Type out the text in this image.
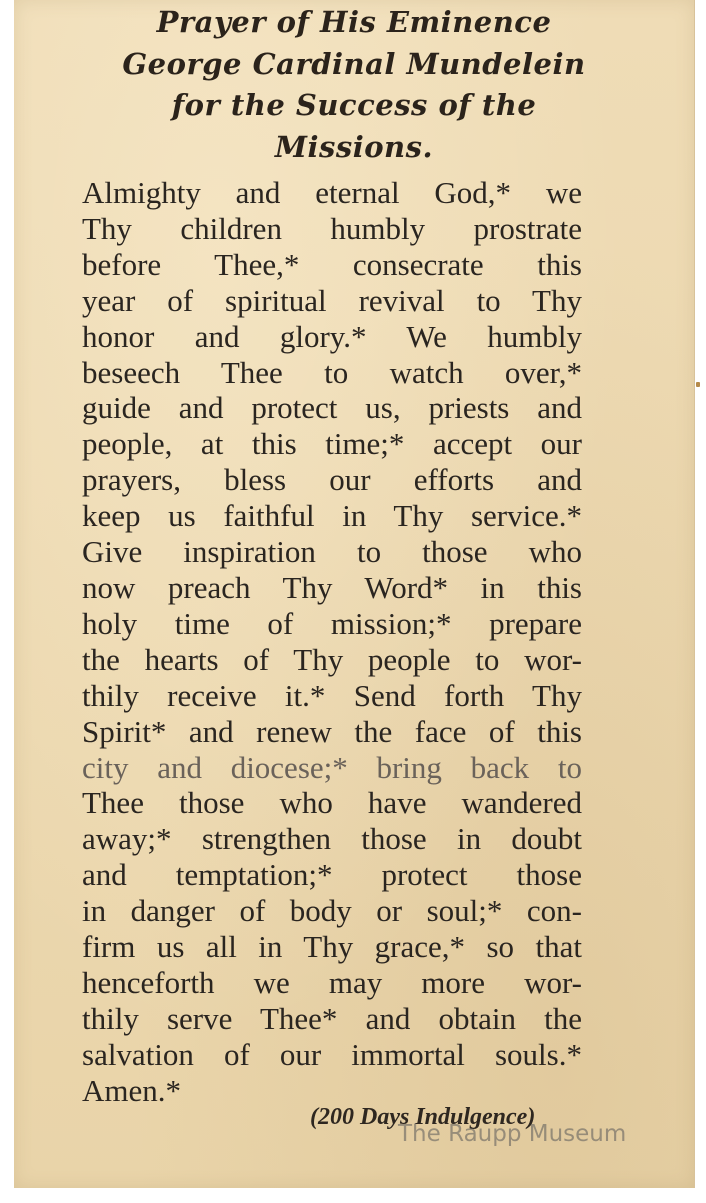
Prayer of His Eminence
George Cardinal Mundelein
for the Success of the
Missions.
Almighty and eternal God,* we
Thy children humbly prostrate
before Thee,* consecrate this
year of spiritual revival to Thy
honor and glory.* We humbly
beseech Thee to watch over,*
guide and protect us, priests and
people, at this time;* accept our
prayers, bless our efforts and
keep us faithful in Thy service.*
Give inspiration to those who
now preach Thy Word* in this
holy time of mission;* prepare
the hearts of Thy people to wor-
thily receive it.* Send forth Thy
Spirit* and renew the face of this
city and diocese;* bring back to
Thee those who have wandered
away;* strengthen those in doubt
and temptation;* protect those
in danger of body or soul;* con-
firm us all in Thy grace,* so that
henceforth we may more wor-
thily serve Thee* and obtain the
salvation of our immortal souls.*
Amen.*
(200 Days Indulgence)
The Raupp Museum
